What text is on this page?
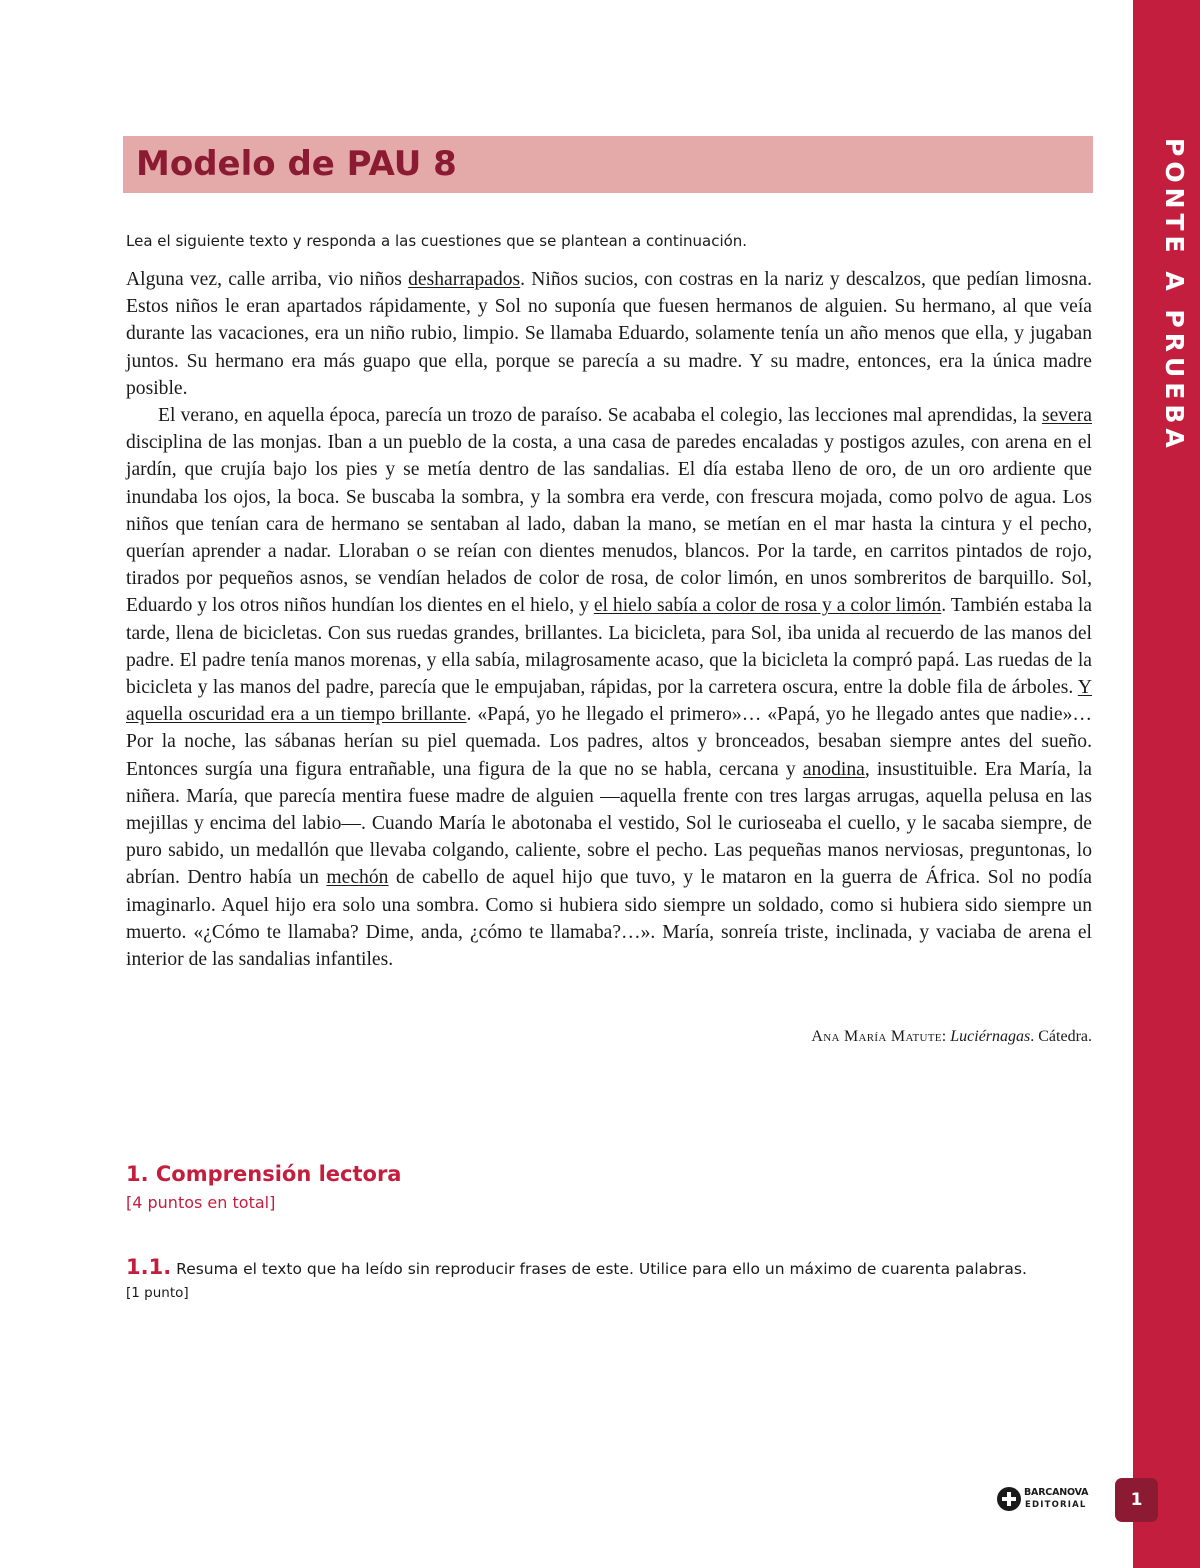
PONTE A PRUEBA
Modelo de PAU 8

Lea el siguiente texto y responda a las cuestiones que se plantean a continuación.

Alguna vez, calle arriba, vio niños desharrapados. Niños sucios, con costras en la nariz y descalzos, que pedían limosna. Estos niños le eran apartados rápidamente, y Sol no suponía que fuesen hermanos de alguien. Su hermano, al que veía durante las vacaciones, era un niño rubio, limpio. Se llamaba Eduardo, solamente tenía un año menos que ella, y jugaban juntos. Su hermano era más guapo que ella, porque se parecía a su madre. Y su madre, entonces, era la única madre posible.

El verano, en aquella época, parecía un trozo de paraíso. Se acababa el colegio, las lecciones mal aprendidas, la severa disciplina de las monjas. Iban a un pueblo de la costa, a una casa de paredes encaladas y postigos azules, con arena en el jardín, que crujía bajo los pies y se metía dentro de las sandalias. El día estaba lleno de oro, de un oro ardiente que inundaba los ojos, la boca. Se buscaba la sombra, y la sombra era verde, con frescura mojada, como polvo de agua. Los niños que tenían cara de hermano se sentaban al lado, daban la mano, se metían en el mar hasta la cintura y el pecho, querían aprender a nadar. Lloraban o se reían con dientes menudos, blancos. Por la tarde, en carritos pintados de rojo, tirados por pequeños asnos, se vendían helados de color de rosa, de color limón, en unos sombreritos de barquillo. Sol, Eduardo y los otros niños hundían los dientes en el hielo, y el hielo sabía a color de rosa y a color limón. También estaba la tarde, llena de bicicletas. Con sus ruedas grandes, brillantes. La bicicleta, para Sol, iba unida al recuerdo de las manos del padre. El padre tenía manos morenas, y ella sabía, milagrosamente acaso, que la bicicleta la compró papá. Las ruedas de la bicicleta y las manos del padre, parecía que le empujaban, rápidas, por la carretera oscura, entre la doble fila de árboles. Y aquella oscuridad era a un tiempo brillante. «Papá, yo he llegado el primero»… «Papá, yo he llegado antes que nadie»… Por la noche, las sábanas herían su piel quemada. Los padres, altos y bronceados, besaban siempre antes del sueño. Entonces surgía una figura entrañable, una figura de la que no se habla, cercana y anodina, insustituible. Era María, la niñera. María, que parecía mentira fuese madre de alguien —aquella frente con tres largas arrugas, aquella pelusa en las mejillas y encima del labio—. Cuando María le abotonaba el vestido, Sol le curioseaba el cuello, y le sacaba siempre, de puro sabido, un medallón que llevaba colgando, caliente, sobre el pecho. Las pequeñas manos nerviosas, preguntonas, lo abrían. Dentro había un mechón de cabello de aquel hijo que tuvo, y le mataron en la guerra de África. Sol no podía imaginarlo. Aquel hijo era solo una sombra. Como si hubiera sido siempre un soldado, como si hubiera sido siempre un muerto. «¿Cómo te llamaba? Dime, anda, ¿cómo te llamaba?…». María, sonreía triste, inclinada, y vaciaba de arena el interior de las sandalias infantiles.

Ana María Matute: Luciérnagas. Cátedra.

1. Comprensión lectora

[4 puntos en total]

1.1. Resuma el texto que ha leído sin reproducir frases de este. Utilice para ello un máximo de cuarenta palabras.

[1 punto]

BARCANOVA
EDITORIAL	1
